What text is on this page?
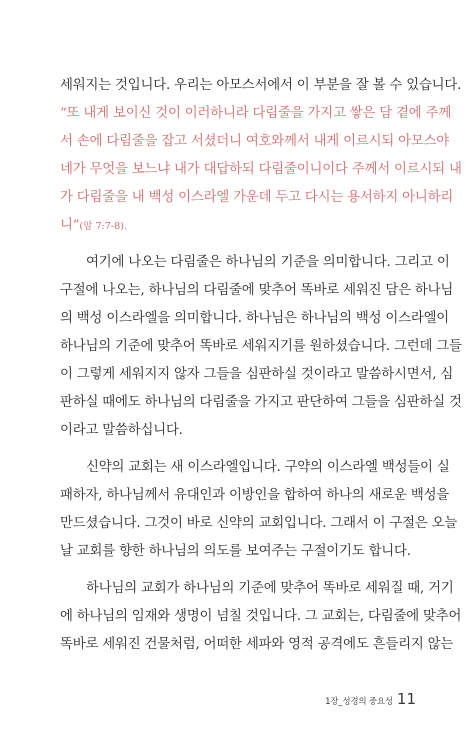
세워지는 것입니다. 우리는 아모스서에서 이 부분을 잘 볼 수 있습니다.
“또 내게 보이신 것이 이러하니라 다림줄을 가지고 쌓은 담 곁에 주께
서 손에 다림줄을 잡고 서셨더니 여호와께서 내게 이르시되 아모스야
네가 무엇을 보느냐 내가 대답하되 다림줄이니이다 주께서 이르시되 내
가 다림줄을 내 백성 이스라엘 가운데 두고 다시는 용서하지 아니하리
니”(암 7:7-8).
여기에 나오는 다림줄은 하나님의 기준을 의미합니다. 그리고 이
구절에 나오는, 하나님의 다림줄에 맞추어 똑바로 세워진 담은 하나님
의 백성 이스라엘을 의미합니다. 하나님은 하나님의 백성 이스라엘이
하나님의 기준에 맞추어 똑바로 세워지기를 원하셨습니다. 그런데 그들
이 그렇게 세워지지 않자 그들을 심판하실 것이라고 말씀하시면서, 심
판하실 때에도 하나님의 다림줄을 가지고 판단하여 그들을 심판하실 것
이라고 말씀하십니다.
신약의 교회는 새 이스라엘입니다. 구약의 이스라엘 백성들이 실
패하자, 하나님께서 유대인과 이방인을 합하여 하나의 새로운 백성을
만드셨습니다. 그것이 바로 신약의 교회입니다. 그래서 이 구절은 오늘
날 교회를 향한 하나님의 의도를 보여주는 구절이기도 합니다.
하나님의 교회가 하나님의 기준에 맞추어 똑바로 세워질 때, 거기
에 하나님의 임재와 생명이 넘칠 것입니다. 그 교회는, 다림줄에 맞추어
똑바로 세워진 건물처럼, 어떠한 세파와 영적 공격에도 흔들리지 않는
1장_성경의 중요성 11
